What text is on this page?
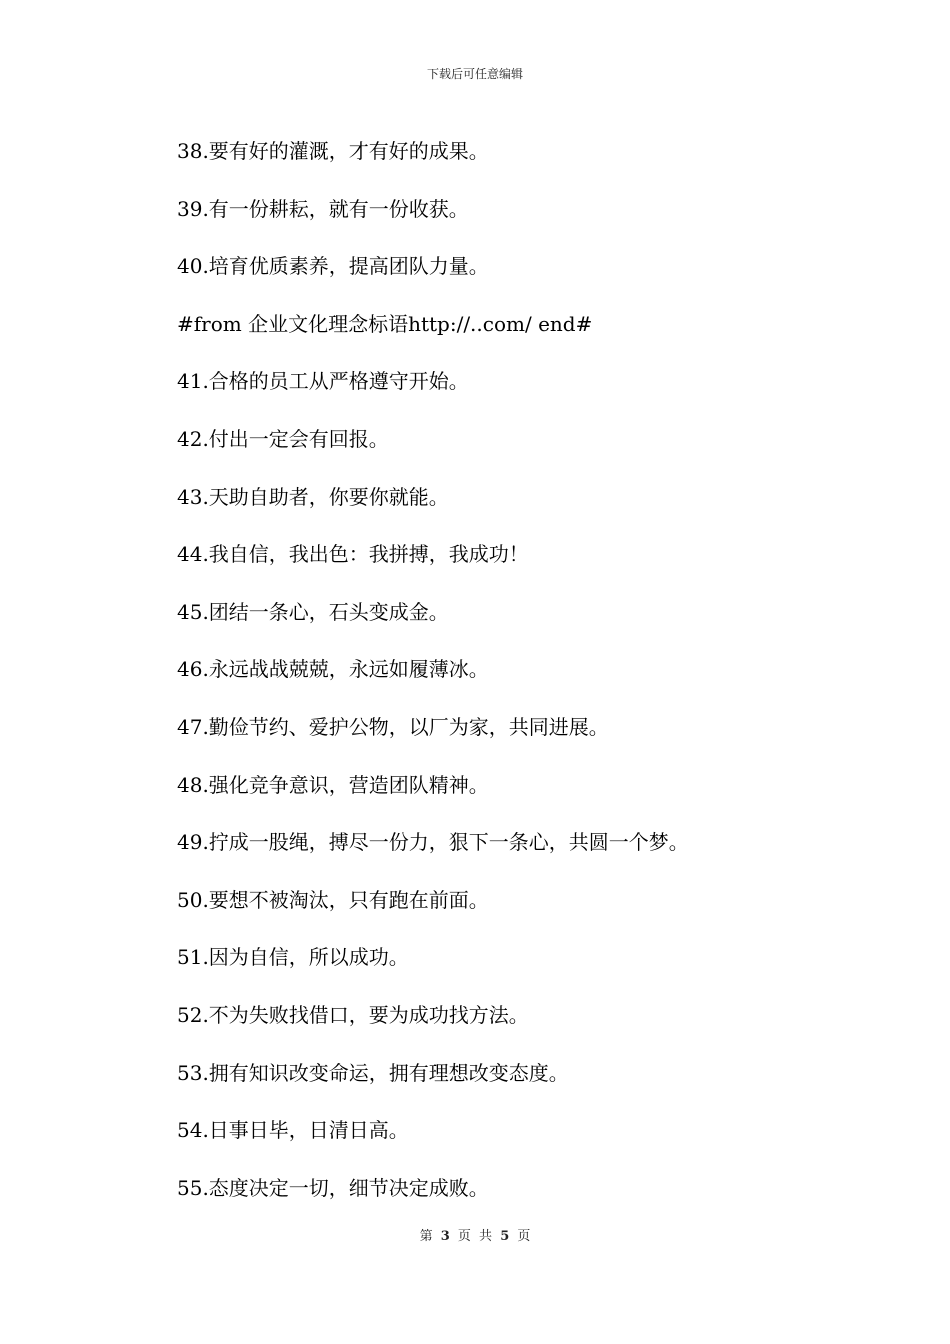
下载后可任意编辑
38.要有好的灌溉，才有好的成果。
39.有一份耕耘，就有一份收获。
40.培育优质素养，提高团队力量。
#from 企业文化理念标语http://..com/ end#
41.合格的员工从严格遵守开始。
42.付出一定会有回报。
43.天助自助者，你要你就能。
44.我自信，我出色：我拼搏，我成功！
45.团结一条心，石头变成金。
46.永远战战兢兢，永远如履薄冰。
47.勤俭节约、爱护公物，以厂为家，共同进展。
48.强化竞争意识，营造团队精神。
49.拧成一股绳，搏尽一份力，狠下一条心，共圆一个梦。
50.要想不被淘汰，只有跑在前面。
51.因为自信，所以成功。
52.不为失败找借口，要为成功找方法。
53.拥有知识改变命运，拥有理想改变态度。
54.日事日毕，日清日高。
55.态度决定一切，细节决定成败。
第 3 页 共 5 页
